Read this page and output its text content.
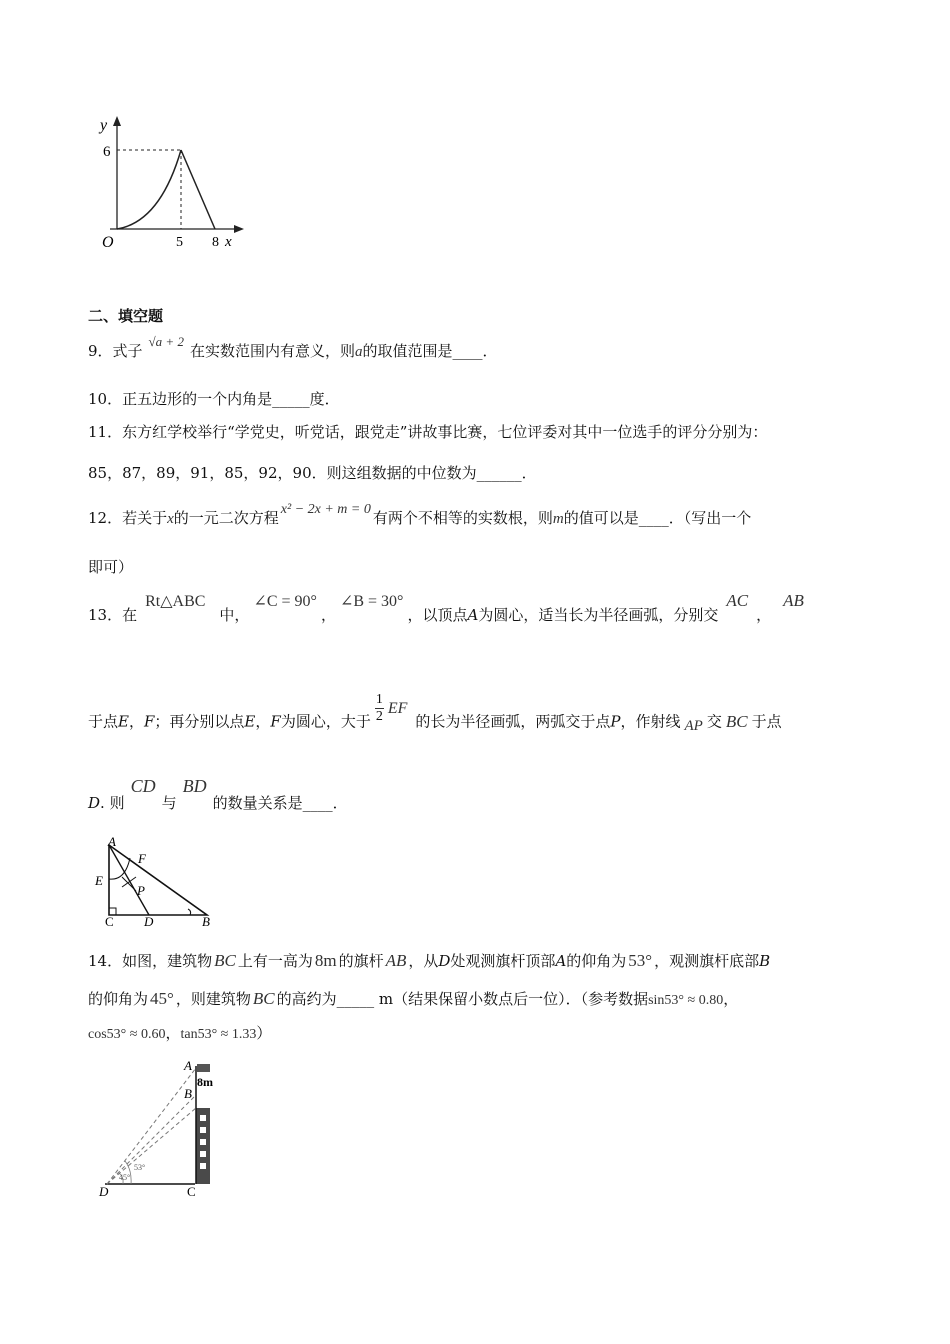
y
6
O	5 8 x
二、填空题
9．式子√a + 2在实数范围内有意义，则a的取值范围是____．
10．正五边形的一个内角是_____度．
11．东方红学校举行“学党史，听党话，跟党走”讲故事比赛，七位评委对其中一位选手的评分分别为：
85，87，89，91，85，92，90．则这组数据的中位数为______．
12．若关于x的一元二次方程 x² − 2x + m = 0 有两个不相等的实数根，则m的值可以是____．（写出一个
即可）
13．在Rt△ABC中，∠C = 90°，∠B = 30°，以顶点A为圆心，适当长为半径画弧，分别交AC，AB
于点E，F；再分别以点E，F为圆心，大于 $\frac{1}{2}$ EF的长为半径画弧，两弧交于点P，作射线 AP 交 BC 于点
D. 则CD与BD的数量关系是____．
A
F
E
P
C D	B
14．如图，建筑物 BC 上有一高为 8m 的旗杆 AB ，从D处观测旗杆顶部A的仰角为 53° ，观测旗杆底部B
的仰角为 45° ，则建筑物 BC 的高约为_____ m（结果保留小数点后一位）．（参考数据sin53° ≈ 0.80，
cos53° ≈ 0.60，tan53° ≈ 1.33）
A
8m
B
53°
45°
D	C
